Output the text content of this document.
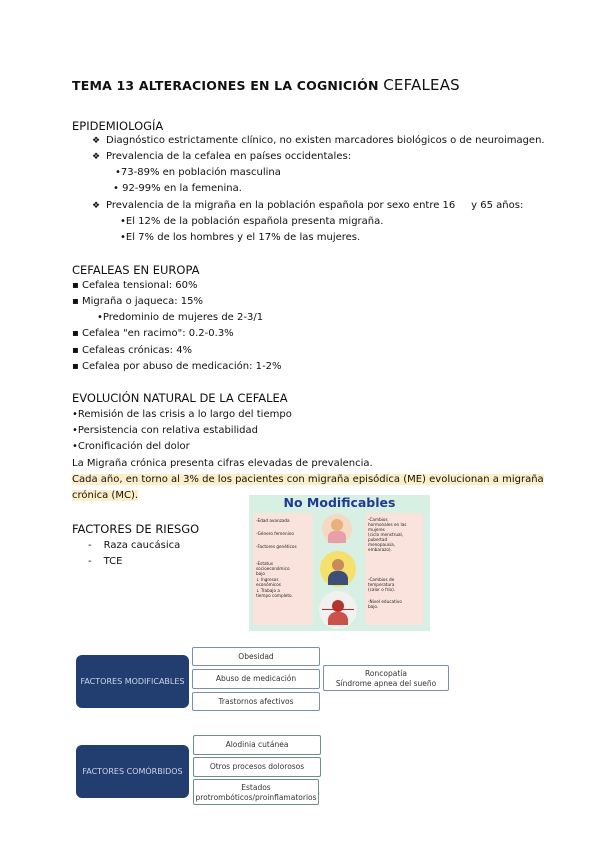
TEMA 13 ALTERACIONES EN LA COGNICIÓN CEFALEAS
EPIDEMIOLOGÍA
❖ Diagnóstico estrictamente clínico, no existen marcadores biológicos o de neuroimagen.
❖ Prevalencia de la cefalea en países occidentales:
•73-89% en población masculina
• 92-99% en la femenina.
❖ Prevalencia de la migraña en la población española por sexo entre 16     y 65 años:
•El 12% de la población española presenta migraña.
•El 7% de los hombres y el 17% de las mujeres.
CEFALEAS EN EUROPA
▪ Cefalea tensional: 60%
▪ Migraña o jaqueca: 15%
•Predominio de mujeres de 2-3/1
▪ Cefalea "en racimo": 0.2-0.3%
▪ Cefaleas crónicas: 4%
▪ Cefalea por abuso de medicación: 1-2%
EVOLUCIÓN NATURAL DE LA CEFALEA
•Remisión de las crisis a lo largo del tiempo
•Persistencia con relativa estabilidad
•Cronificación del dolor
La Migraña crónica presenta cifras elevadas de prevalencia.
Cada año, en torno al 3% de los pacientes con migraña episódica (ME) evolucionan a migraña
crónica (MC).
FACTORES DE RIESGO
- Raza caucásica
- TCE
No Modificables
-Edad avanzada
-Género femenino
-Factores genéticos
-Estatus
socioeconómico
bajo
↓ Ingresos
económicos
↓ Trabajo a
tiempo completo.
-Cambios
hormonales en las
mujeres
(ciclo menstrual,
pubertad
menopausia,
embarazo).
-Cambios de
temperatura
(calor o frío).
-Nivel educativo
bajo.
FACTORES MODIFICABLES
Obesidad
Abuso de medicación
Trastornos afectivos
Roncopatía
Síndrome apnea del sueño
FACTORES COMÓRBIDOS
Alodinia cutánea
Otros procesos dolorosos
Estados
protrombóticos/proinflamatorios
